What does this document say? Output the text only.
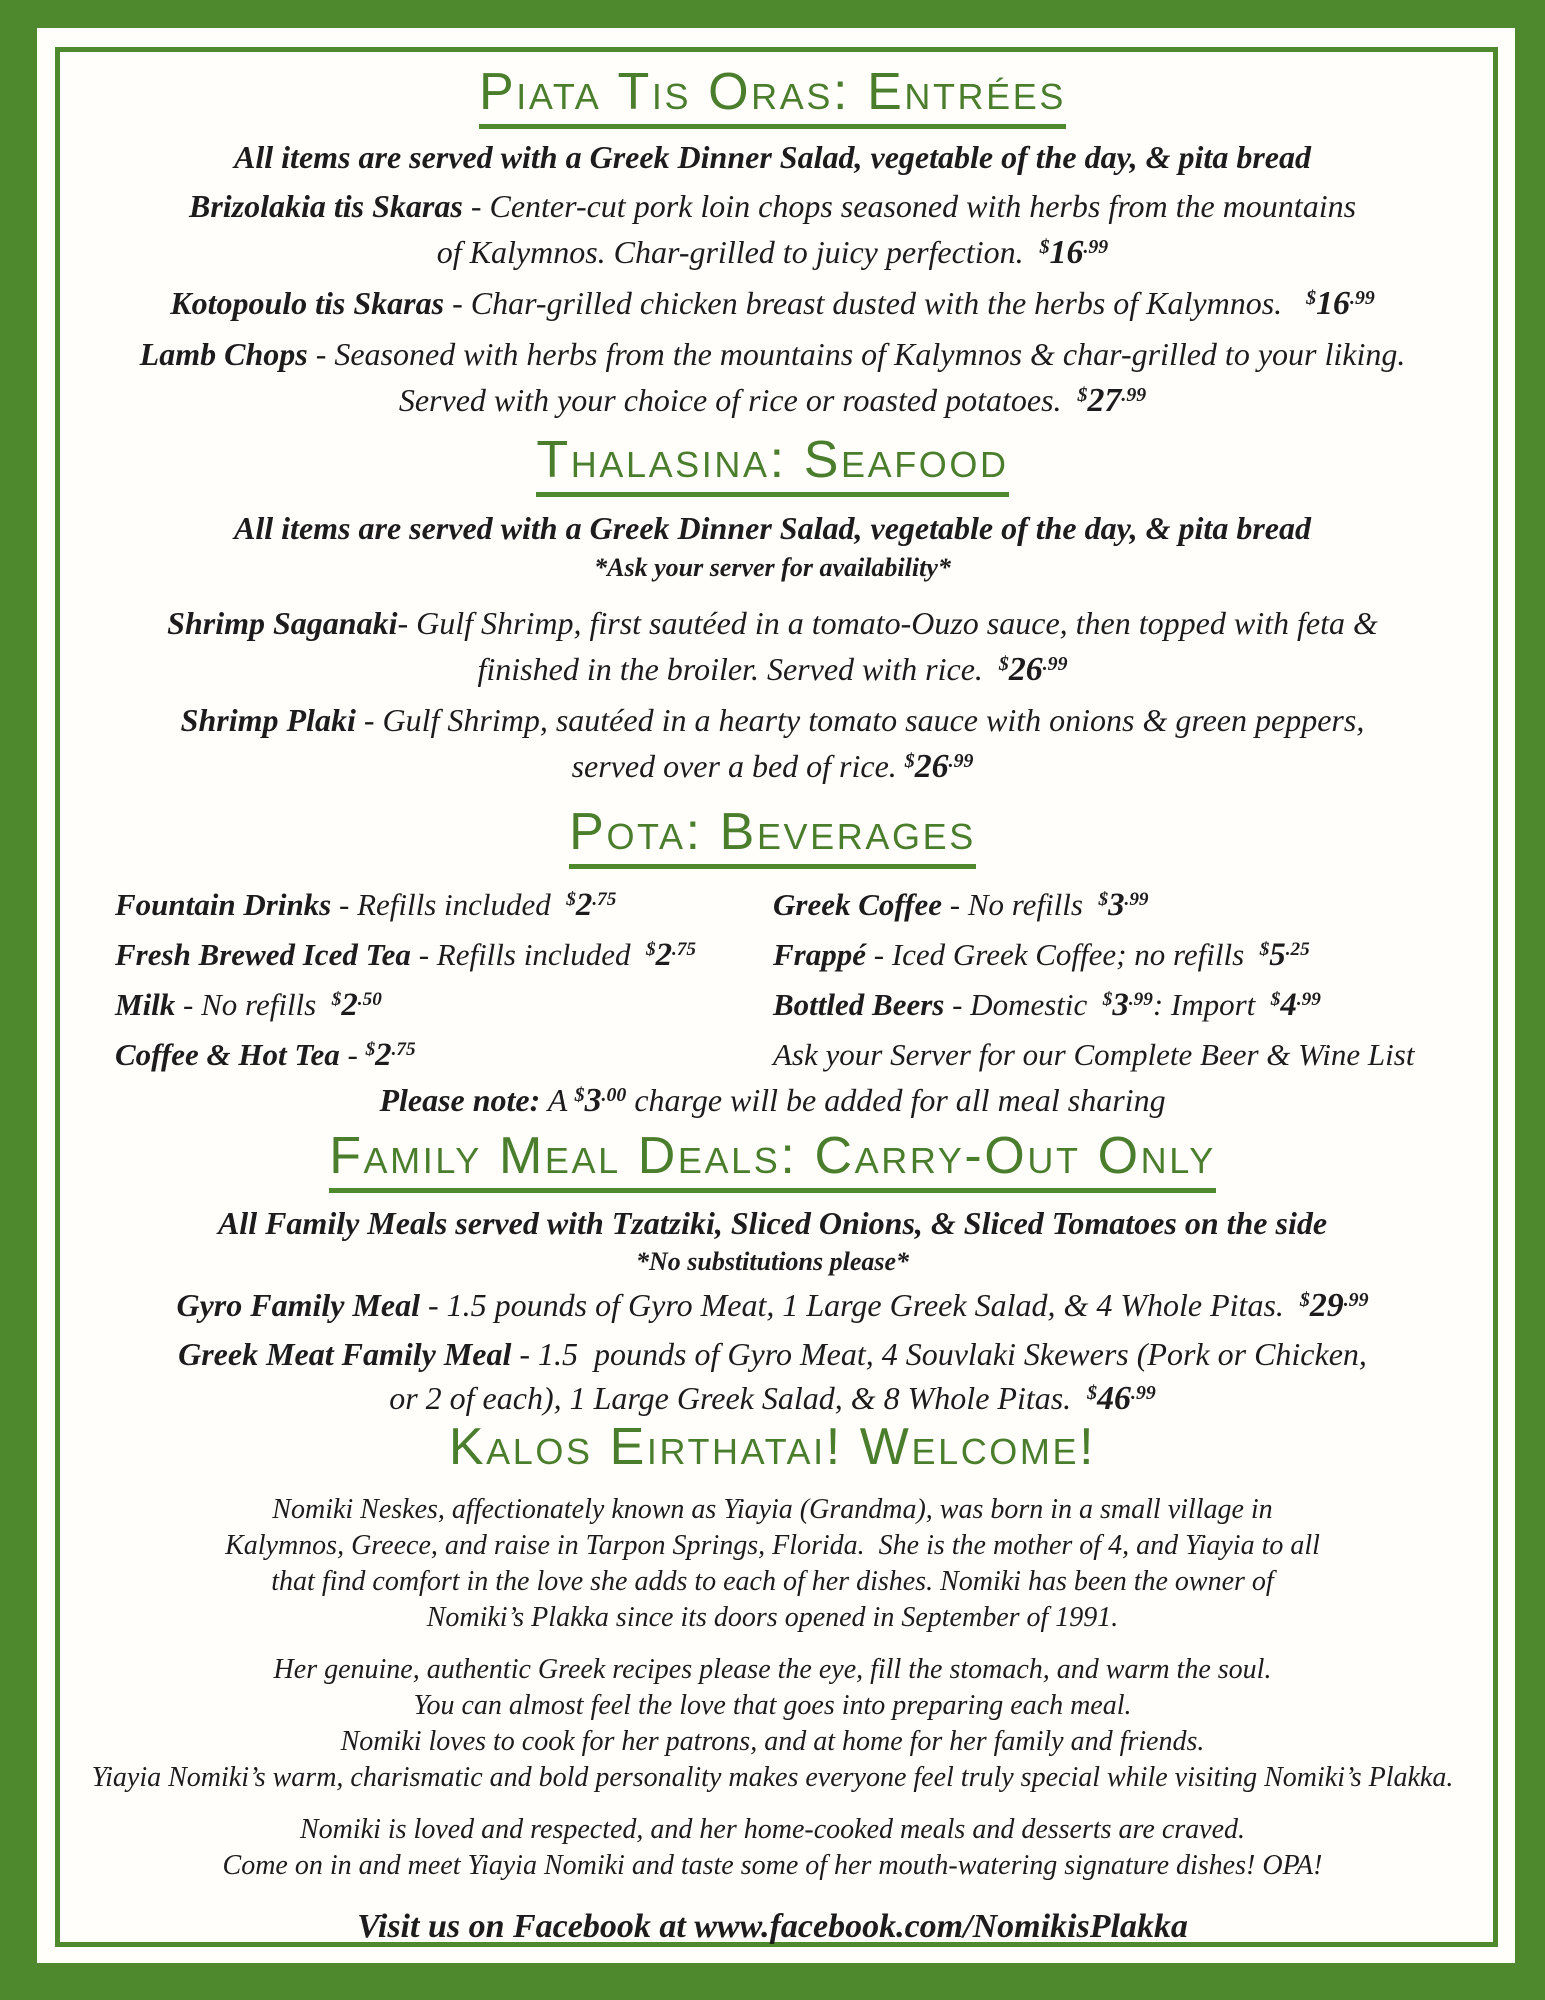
Piata Tis Oras: Entrées
All items are served with a Greek Dinner Salad, vegetable of the day, & pita bread
Brizolakia tis Skaras - Center-cut pork loin chops seasoned with herbs from the mountains
of Kalymnos. Char-grilled to juicy perfection.  $^{\$}16^{.99}$
Kotopoulo tis Skaras - Char-grilled chicken breast dusted with the herbs of Kalymnos.   $^{\$}16^{.99}$
Lamb Chops - Seasoned with herbs from the mountains of Kalymnos & char-grilled to your liking.
Served with your choice of rice or roasted potatoes.  $^{\$}27^{.99}$
Thalasina: Seafood
All items are served with a Greek Dinner Salad, vegetable of the day, & pita bread
*Ask your server for availability*
Shrimp Saganaki- Gulf Shrimp, first sautéed in a tomato-Ouzo sauce, then topped with feta &
finished in the broiler. Served with rice.  $^{\$}26^{.99}$
Shrimp Plaki - Gulf Shrimp, sautéed in a hearty tomato sauce with onions & green peppers,
served over a bed of rice. $^{\$}26^{.99}$
Pota: Beverages
Fountain Drinks - Refills included  $^{\$}2^{.75}$
Fresh Brewed Iced Tea - Refills included  $^{\$}2^{.75}$
Milk - No refills  $^{\$}2^{.50}$
Coffee & Hot Tea - $^{\$}2^{.75}$
Greek Coffee - No refills  $^{\$}3^{.99}$
Frappé - Iced Greek Coffee; no refills  $^{\$}5^{.25}$
Bottled Beers - Domestic  $^{\$}3^{.99}$: Import  $^{\$}4^{.99}$
Ask your Server for our Complete Beer & Wine List
Please note: A $^{\$}3^{.00}$ charge will be added for all meal sharing
Family Meal Deals: Carry-Out Only
All Family Meals served with Tzatziki, Sliced Onions, & Sliced Tomatoes on the side
*No substitutions please*
Gyro Family Meal - 1.5 pounds of Gyro Meat, 1 Large Greek Salad, & 4 Whole Pitas.  $^{\$}29^{.99}$
Greek Meat Family Meal - 1.5  pounds of Gyro Meat, 4 Souvlaki Skewers (Pork or Chicken,
or 2 of each), 1 Large Greek Salad, & 8 Whole Pitas.  $^{\$}46^{.99}$
Kalos Eirthatai! Welcome!
Nomiki Neskes, affectionately known as Yiayia (Grandma), was born in a small village in
Kalymnos, Greece, and raise in Tarpon Springs, Florida.  She is the mother of 4, and Yiayia to all
that find comfort in the love she adds to each of her dishes. Nomiki has been the owner of
Nomiki’s Plakka since its doors opened in September of 1991.
Her genuine, authentic Greek recipes please the eye, fill the stomach, and warm the soul.
You can almost feel the love that goes into preparing each meal.
Nomiki loves to cook for her patrons, and at home for her family and friends.
Yiayia Nomiki’s warm, charismatic and bold personality makes everyone feel truly special while visiting Nomiki’s Plakka.
Nomiki is loved and respected, and her home-cooked meals and desserts are craved.
Come on in and meet Yiayia Nomiki and taste some of her mouth-watering signature dishes! OPA!
Visit us on Facebook at www.facebook.com/NomikisPlakka
